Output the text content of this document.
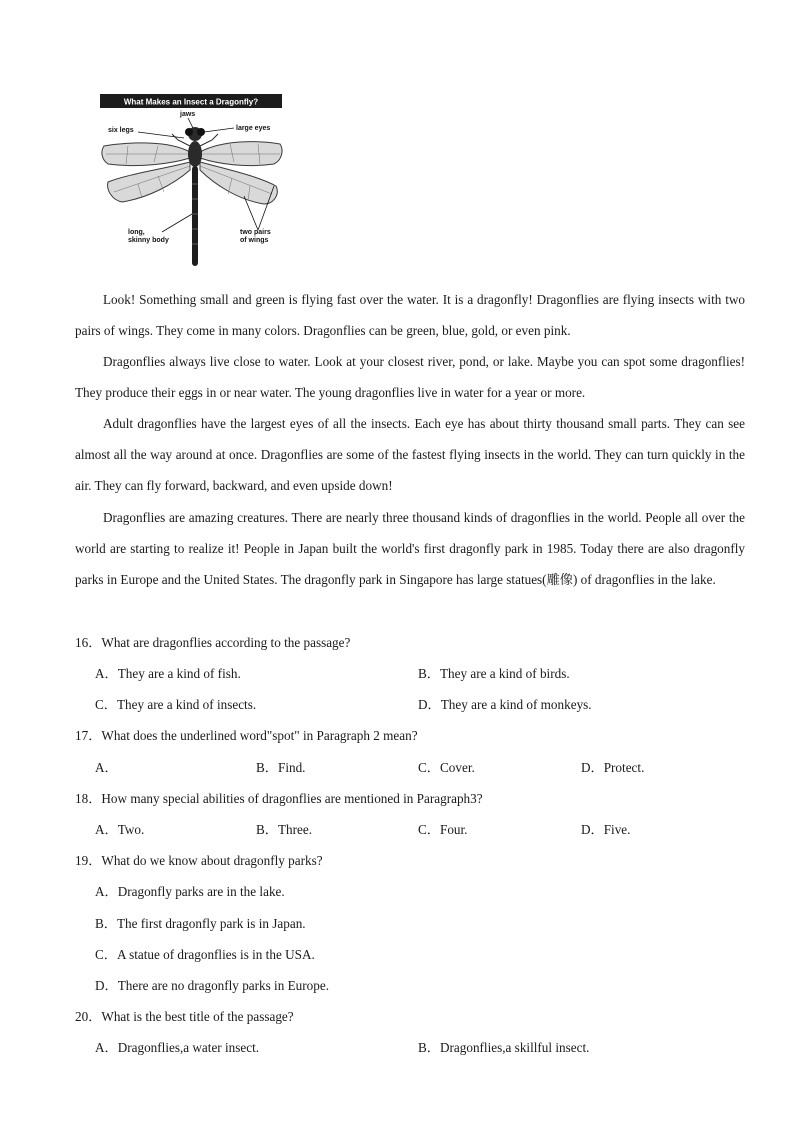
What Makes an Insect a Dragonfly?
jaws
six legs	large eyes
long, skinny body
two pairs of wings
Look! Something small and green is flying fast over the water. It is a dragonfly! Dragonflies are flying insects with two pairs of wings. They come in many colors. Dragonflies can be green, blue, gold, or even pink.
Dragonflies always live close to water. Look at your closest river, pond, or lake. Maybe you can spot some dragonflies! They produce their eggs in or near water. The young dragonflies live in water for a year or more.
Adult dragonflies have the largest eyes of all the insects. Each eye has about thirty thousand small parts. They can see almost all the way around at once. Dragonflies are some of the fastest flying insects in the world. They can turn quickly in the air. They can fly forward, backward, and even upside down!
Dragonflies are amazing creatures. There are nearly three thousand kinds of dragonflies in the world. People all over the world are starting to realize it! People in Japan built the world's first dragonfly park in 1985. Today there are also dragonfly parks in Europe and the United States. The dragonfly park in Singapore has large statues(雕像) of dragonflies in the lake.
16．What are dragonflies according to the passage?
A．They are a kind of fish.	B．They are a kind of birds.
C．They are a kind of insects.	D．They are a kind of monkeys.
17．What does the underlined word"spot" in Paragraph 2 mean?
A．	B．Find.	C．Cover.	D．Protect.
18．How many special abilities of dragonflies are mentioned in Paragraph3?
A．Two.	B．Three.	C．Four.	D．Five.
19．What do we know about dragonfly parks?
A．Dragonfly parks are in the lake.
B．The first dragonfly park is in Japan.
C．A statue of dragonflies is in the USA.
D．There are no dragonfly parks in Europe.
20．What is the best title of the passage?
A．Dragonflies,a water insect.	B．Dragonflies,a skillful insect.
